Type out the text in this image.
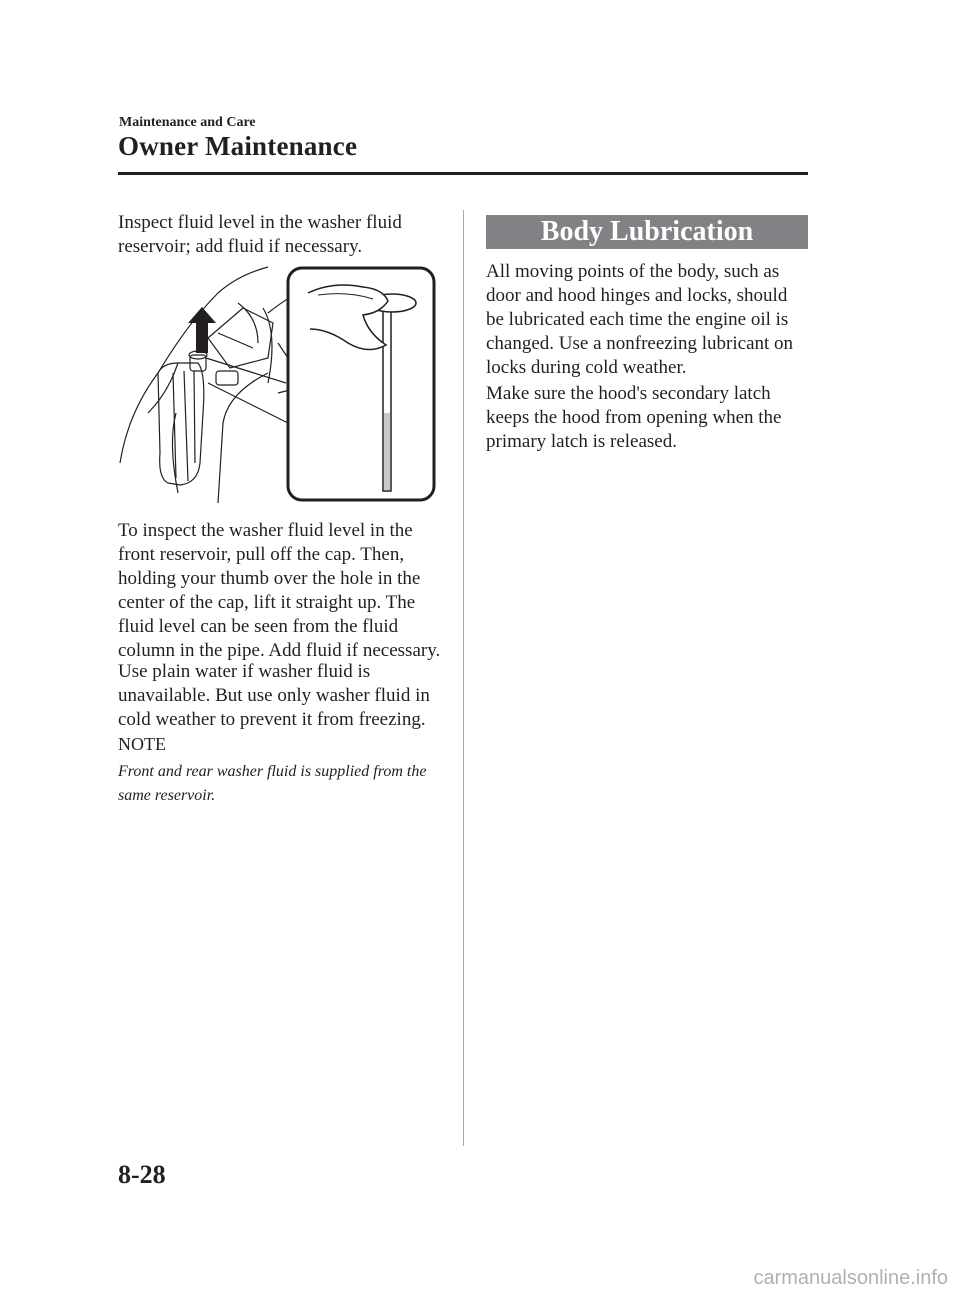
Maintenance and Care
Owner Maintenance
Inspect fluid level in the washer fluid reservoir; add fluid if necessary.
To inspect the washer fluid level in the front reservoir, pull off the cap. Then, holding your thumb over the hole in the center of the cap, lift it straight up. The fluid level can be seen from the fluid column in the pipe. Add fluid if necessary.
Use plain water if washer fluid is unavailable. But use only washer fluid in cold weather to prevent it from freezing.
NOTE
Front and rear washer fluid is supplied from the same reservoir.
Body Lubrication
All moving points of the body, such as door and hood hinges and locks, should be lubricated each time the engine oil is changed. Use a nonfreezing lubricant on locks during cold weather.
Make sure the hood's secondary latch keeps the hood from opening when the primary latch is released.
8-28
carmanualsonline.info
